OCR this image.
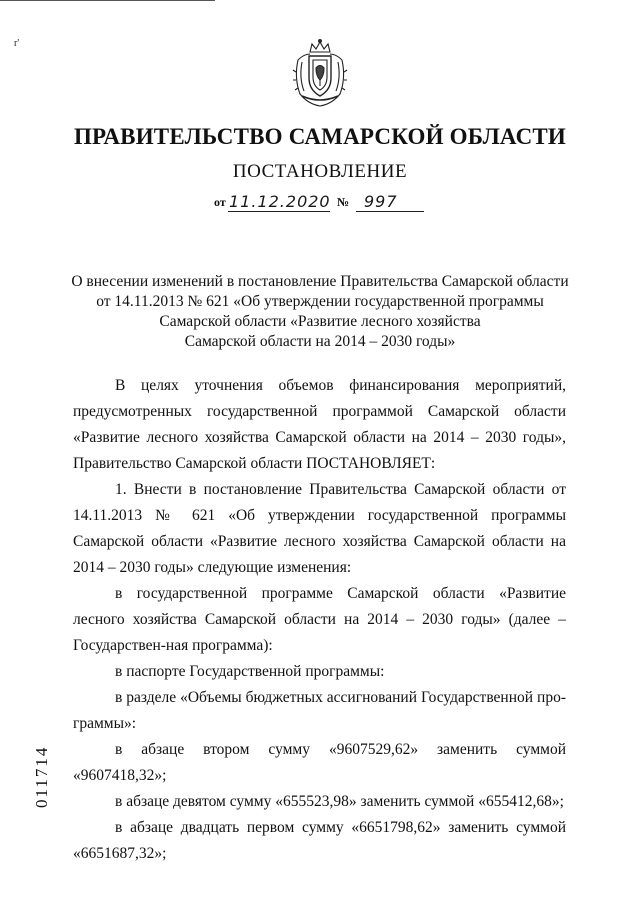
r'
ПРАВИТЕЛЬСТВО САМАРСКОЙ ОБЛАСТИ
ПОСТАНОВЛЕНИЕ
от 11.12.2020 № 997
О внесении изменений в постановление Правительства Самарской области
от 14.11.2013 № 621 «Об утверждении государственной программы
Самарской области «Развитие лесного хозяйства
Самарской области на 2014 – 2030 годы»

В целях уточнения объемов финансирования мероприятий, предусмотренных государственной программой Самарской области «Развитие лесного хозяйства Самарской области на 2014 – 2030 годы», Правительство Самарской области ПОСТАНОВЛЯЕТ:

1. Внести в постановление Правительства Самарской области от 14.11.2013 № 621 «Об утверждении государственной программы Самарской области «Развитие лесного хозяйства Самарской области на 2014 – 2030 годы» следующие изменения:

в государственной программе Самарской области «Развитие лесного хозяйства Самарской области на 2014 – 2030 годы» (далее – Государствен-ная программа):

в паспорте Государственной программы:

в разделе «Объемы бюджетных ассигнований Государственной про-граммы»:

в абзаце втором сумму «9607529,62» заменить суммой «9607418,32»;

в абзаце девятом сумму «655523,98» заменить суммой «655412,68»;

в абзаце двадцать первом сумму «6651798,62» заменить суммой «6651687,32»;

011714
